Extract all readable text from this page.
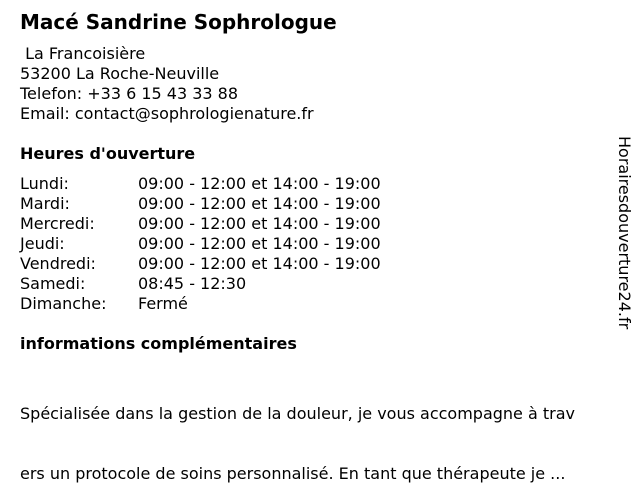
Macé Sandrine Sophrologue
La Francoisière
53200 La Roche-Neuville
Telefon: +33 6 15 43 33 88
Email: contact@sophrologienature.fr
Heures d'ouverture
Lundi:	09:00 - 12:00 et 14:00 - 19:00
Mardi:	09:00 - 12:00 et 14:00 - 19:00
Mercredi:	09:00 - 12:00 et 14:00 - 19:00
Jeudi:	09:00 - 12:00 et 14:00 - 19:00
Vendredi:	09:00 - 12:00 et 14:00 - 19:00
Samedi:	08:45 - 12:30
Dimanche:	Fermé
informations complémentaires

Spécialisée dans la gestion de la douleur, je vous accompagne à trav

ers un protocole de soins personnalisé. En tant que thérapeute je ...

Horairesdouverture24.fr
